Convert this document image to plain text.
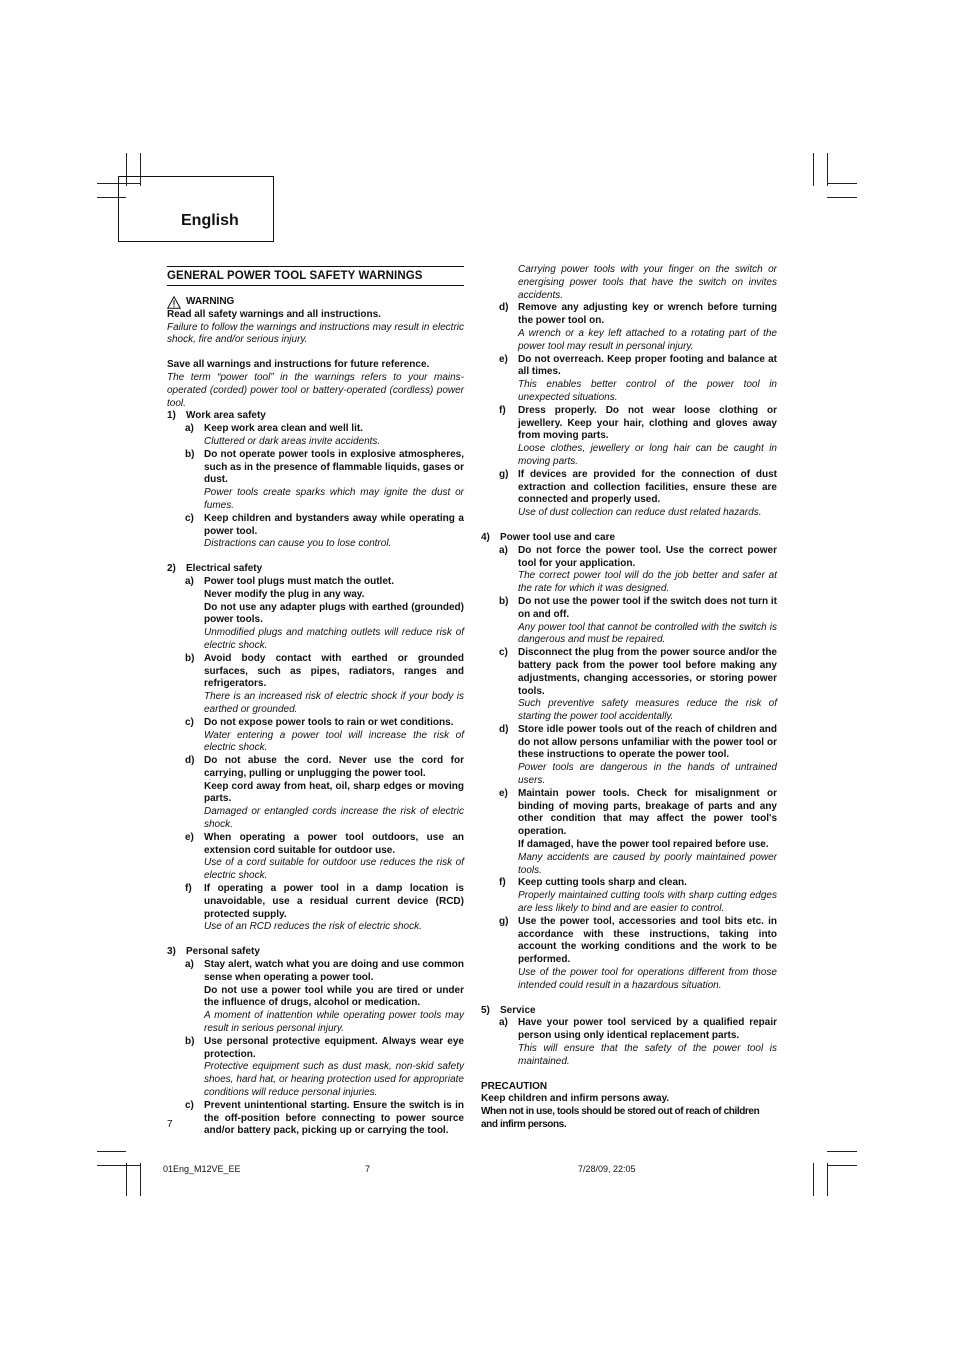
English
GENERAL POWER TOOL SAFETY WARNINGS
WARNING
Read all safety warnings and all instructions.
Failure to follow the warnings and instructions may result in electric shock, fire and/or serious injury.
Save all warnings and instructions for future reference.
The term “power tool” in the warnings refers to your mains-operated (corded) power tool or battery-operated (cordless) power tool.
1)	Work area safety
a)	Keep work area clean and well lit.
Cluttered or dark areas invite accidents.
b) Do not operate power tools in explosive atmospheres, such as in the presence of flammable liquids, gases or dust.
Power tools create sparks which may ignite the dust or fumes.
c)	Keep children and bystanders away while operating a power tool.
Distractions can cause you to lose control.
2)	Electrical safety
a)	Power tool plugs must match the outlet.
Never modify the plug in any way.
Do not use any adapter plugs with earthed (grounded) power tools.
Unmodified plugs and matching outlets will reduce risk of electric shock.
b) Avoid body contact with earthed or grounded surfaces, such as pipes, radiators, ranges and refrigerators.
There is an increased risk of electric shock if your body is earthed or grounded.
c)	Do not expose power tools to rain or wet conditions.
Water entering a power tool will increase the risk of electric shock.
d) Do not abuse the cord. Never use the cord for carrying, pulling or unplugging the power tool.
Keep cord away from heat, oil, sharp edges or moving parts.
Damaged or entangled cords increase the risk of electric shock.
e)	When operating a power tool outdoors, use an extension cord suitable for outdoor use.
Use of a cord suitable for outdoor use reduces the risk of electric shock.
f)	If operating a power tool in a damp location is unavoidable, use a residual current device (RCD) protected supply.
Use of an RCD reduces the risk of electric shock.
3)	Personal safety
a)	Stay alert, watch what you are doing and use common sense when operating a power tool.
Do not use a power tool while you are tired or under the influence of drugs, alcohol or medication.
A moment of inattention while operating power tools may result in serious personal injury.
b) Use personal protective equipment. Always wear eye protection.
Protective equipment such as dust mask, non-skid safety shoes, hard hat, or hearing protection used for appropriate conditions will reduce personal injuries.
c)	Prevent unintentional starting. Ensure the switch is in the off-position before connecting to power source and/or battery pack, picking up or carrying the tool.
Carrying power tools with your finger on the switch or energising power tools that have the switch on invites accidents.
d) Remove any adjusting key or wrench before turning the power tool on.
A wrench or a key left attached to a rotating part of the power tool may result in personal injury.
e)	Do not overreach. Keep proper footing and balance at all times.
This enables better control of the power tool in unexpected situations.
f)	Dress properly. Do not wear loose clothing or jewellery. Keep your hair, clothing and gloves away from moving parts.
Loose clothes, jewellery or long hair can be caught in moving parts.
g) If devices are provided for the connection of dust extraction and collection facilities, ensure these are connected and properly used.
Use of dust collection can reduce dust related hazards.
4)	Power tool use and care
a)	Do not force the power tool. Use the correct power tool for your application.
The correct power tool will do the job better and safer at the rate for which it was designed.
b) Do not use the power tool if the switch does not turn it on and off.
Any power tool that cannot be controlled with the switch is dangerous and must be repaired.
c)	Disconnect the plug from the power source and/or the battery pack from the power tool before making any adjustments, changing accessories, or storing power tools.
Such preventive safety measures reduce the risk of starting the power tool accidentally.
d) Store idle power tools out of the reach of children and do not allow persons unfamiliar with the power tool or these instructions to operate the power tool.
Power tools are dangerous in the hands of untrained users.
e)	Maintain power tools. Check for misalignment or binding of moving parts, breakage of parts and any other condition that may affect the power tool's operation.
If damaged, have the power tool repaired before use.
Many accidents are caused by poorly maintained power tools.
f)	Keep cutting tools sharp and clean.
Properly maintained cutting tools with sharp cutting edges are less likely to bind and are easier to control.
g) Use the power tool, accessories and tool bits etc. in accordance with these instructions, taking into account the working conditions and the work to be performed.
Use of the power tool for operations different from those intended could result in a hazardous situation.
5)	Service
a)	Have your power tool serviced by a qualified repair person using only identical replacement parts.
This will ensure that the safety of the power tool is maintained.
PRECAUTION
Keep children and infirm persons away.
When not in use, tools should be stored out of reach of children and infirm persons.
7
01Eng_M12VE_EE	7	7/28/09, 22:05
